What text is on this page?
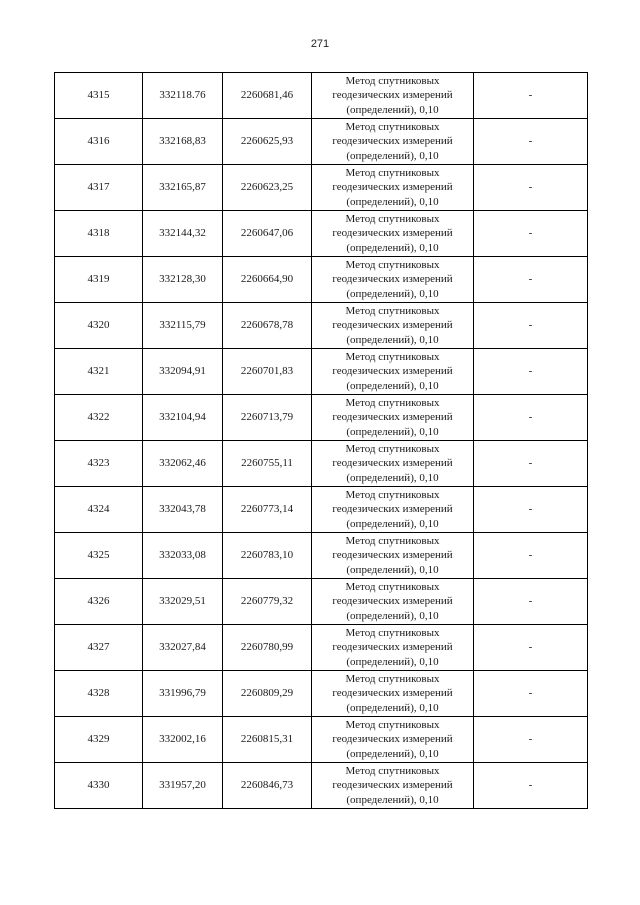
271
4315	332118.76	2260681,46	Метод спутниковых
геодезических измерений
(определений), 0,10	-
4316	332168,83	2260625,93	Метод спутниковых
геодезических измерений
(определений), 0,10	-
4317	332165,87	2260623,25	Метод спутниковых
геодезических измерений
(определений), 0,10	-
4318	332144,32	2260647,06	Метод спутниковых
геодезических измерений
(определений), 0,10	-
4319	332128,30	2260664,90	Метод спутниковых
геодезических измерений
(определений), 0,10	-
4320	332115,79	2260678,78	Метод спутниковых
геодезических измерений
(определений), 0,10	-
4321	332094,91	2260701,83	Метод спутниковых
геодезических измерений
(определений), 0,10	-
4322	332104,94	2260713,79	Метод спутниковых
геодезических измерений
(определений), 0,10	-
4323	332062,46	2260755,11	Метод спутниковых
геодезических измерений
(определений), 0,10	-
4324	332043,78	2260773,14	Метод спутниковых
геодезических измерений
(определений), 0,10	-
4325	332033,08	2260783,10	Метод спутниковых
геодезических измерений
(определений), 0,10	-
4326	332029,51	2260779,32	Метод спутниковых
геодезических измерений
(определений), 0,10	-
4327	332027,84	2260780,99	Метод спутниковых
геодезических измерений
(определений), 0,10	-
4328	331996,79	2260809,29	Метод спутниковых
геодезических измерений
(определений), 0,10	-
4329	332002,16	2260815,31	Метод спутниковых
геодезических измерений
(определений), 0,10	-
4330	331957,20	2260846,73	Метод спутниковых
геодезических измерений
(определений), 0,10	-
